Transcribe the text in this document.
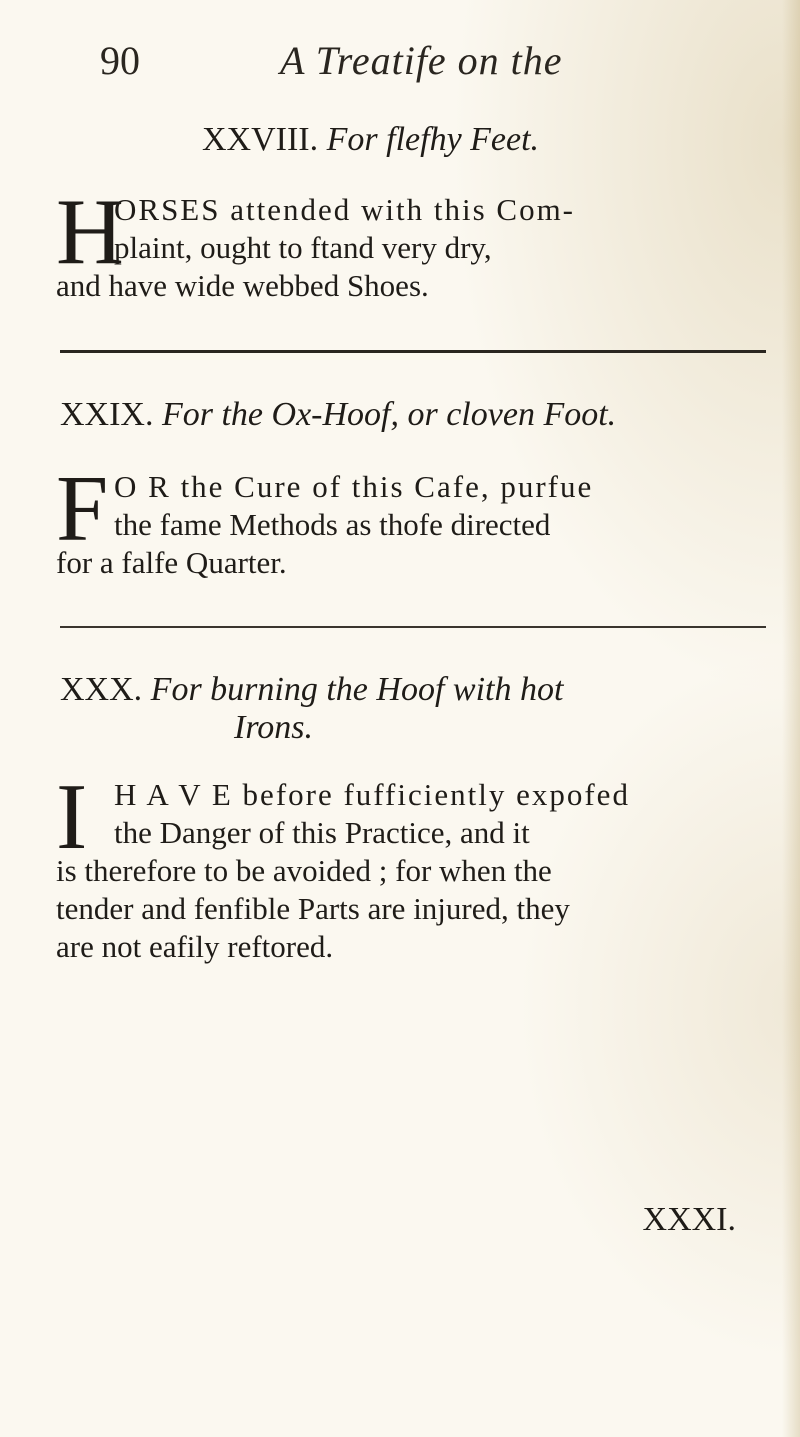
90	A Treatife on the
XXVIII. For flefhy Feet.
H
ORSES attended with this Com-
plaint, ought to ftand very dry,
and have wide webbed Shoes.
XXIX. For the Ox-Hoof, or cloven Foot.
F O R the Cure of this Cafe, purfue
the fame Methods as thofe directed
for a falfe Quarter.
XXX. For burning the Hoof with hot
Irons.
I H A V E before fufficiently expofed
the Danger of this Practice, and it
is therefore to be avoided ; for when the
tender and fenfible Parts are injured, they
are not eafily reftored.
XXXI.
